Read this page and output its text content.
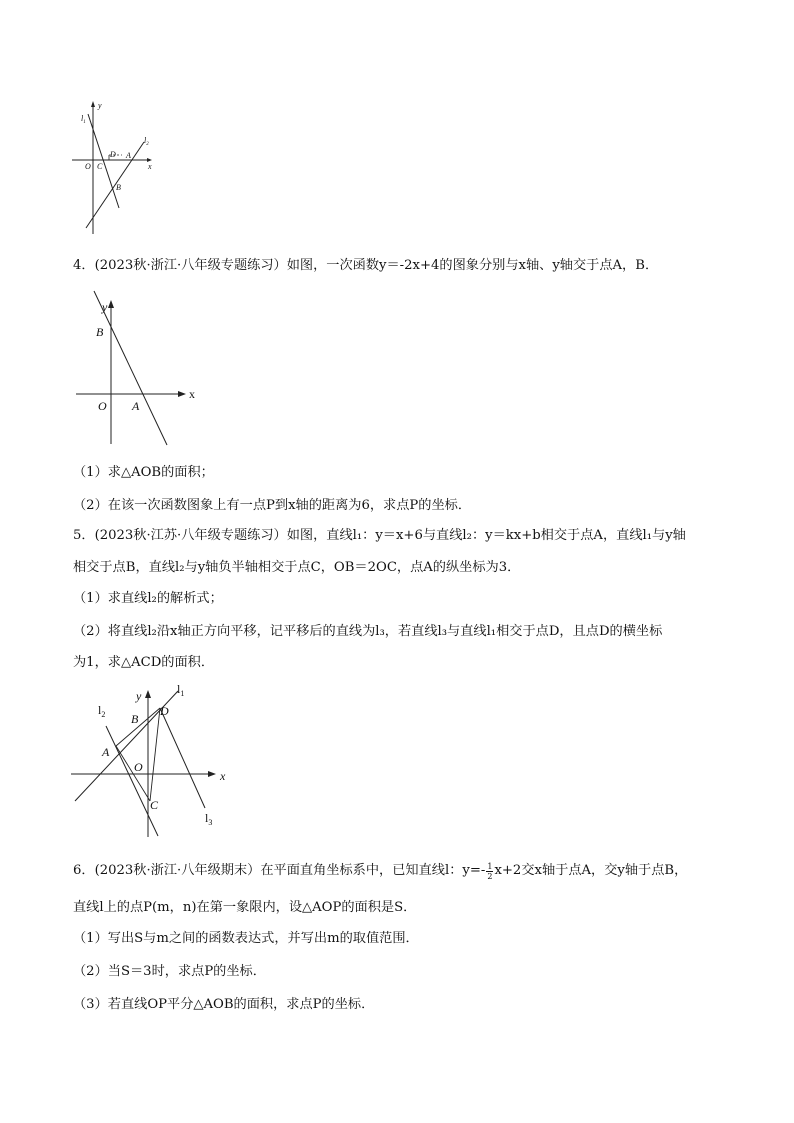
y
$l_1$
$l_2$
x
O C
D A
B
4．(2023秋·浙江·八年级专题练习）如图，一次函数y＝-2x+4的图象分别与x轴、y轴交于点A，B．
y
x
B
O A
（1）求△AOB的面积；
（2）在该一次函数图象上有一点P到x轴的距离为6，求点P的坐标．
5．(2023秋·江苏·八年级专题练习）如图，直线l₁：y＝x+6与直线l₂：y＝kx+b相交于点A，直线l₁与y轴
相交于点B，直线l₂与y轴负半轴相交于点C，OB＝2OC，点A的纵坐标为3．
（1）求直线l₂的解析式；
（2）将直线l₂沿x轴正方向平移，记平移后的直线为l₃，若直线l₃与直线l₁相交于点D，且点D的横坐标
为1，求△ACD的面积．
y	$l_1$
$l_2$
$l_3$
x
A
B
D
O
C
6．(2023秋·浙江·八年级期末）在平面直角坐标系中，已知直线l：$y=- \frac{1}{2} x+2$交x轴于点A，交y轴于点B，
直线l上的点P(m，n)在第一象限内，设△AOP的面积是S．
（1）写出S与m之间的函数表达式，并写出m的取值范围．
（2）当S＝3时，求点P的坐标．
（3）若直线OP平分△AOB的面积，求点P的坐标．
